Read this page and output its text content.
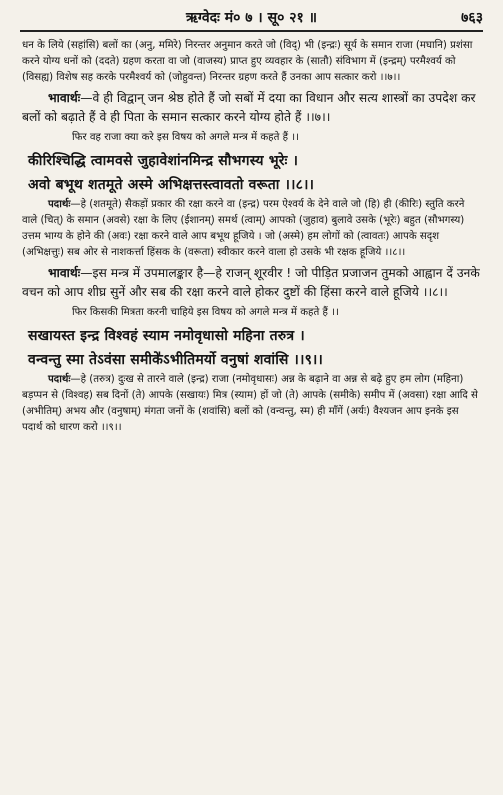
ऋग्वेदः मं० ७ । सू० २१ ॥	७६३

धन के लिये (सहांसि) बलों का (अनु, ममिरे) निरन्तर अनुमान करते जो (विद्) भी (इन्द्रः) सूर्य के समान राजा (मघानि) प्रशंसा करने योग्य धनों को (ददते) ग्रहण करता वा जो (वाजस्य) प्राप्त हुए व्यवहार के (सातौ) संविभाग में (इन्द्रम्) परमैश्वर्य को (विसह्य) विशेष सह करके परमैश्वर्य को (जोहुवन्त) निरन्तर ग्रहण करते हैं उनका आप सत्कार करो ।।७।।

भावार्थः—वे ही विद्वान् जन श्रेष्ठ होते हैं जो सबों में दया का विधान और सत्य शास्त्रों का उपदेश कर बलों को बढ़ाते हैं वे ही पिता के समान सत्कार करने योग्य होते हैं ।।७।।

फिर वह राजा क्या करे इस विषय को अगले मन्त्र में कहते हैं ।।

कीरिश्चिद्धि त्वामवसे जुहावेशांनमिन्द्र सौभगस्य भूरेः ।

अवो बभूथ शतमूते अस्मे अभिक्षत्तस्त्वावतो वरूता ।।८।।

पदार्थः—हे (शतमूते) सैकड़ों प्रकार की रक्षा करने वा (इन्द्र) परम ऐश्वर्य के देने वाले जो (हि) ही (कीरिः) स्तुति करने वाले (चित्) के समान (अवसे) रक्षा के लिए (ईशानम्) समर्थ (त्वाम्) आपको (जुहाव) बुलावे उसके (भूरेः) बहुत (सौभगस्य) उत्तम भाग्य के होने की (अवः) रक्षा करने वाले आप बभूथ हूजिये । जो (अस्मे) हम लोगों को (त्वावतः) आपके सदृश (अभिक्षत्तुः) सब ओर से नाशकर्त्ता हिंसक के (वरूता) स्वीकार करने वाला हो उसके भी रक्षक हूजिये ।।८।।

भावार्थः—इस मन्त्र में उपमालङ्कार है—हे राजन् शूरवीर ! जो पीड़ित प्रजाजन तुमको आह्वान दें उनके वचन को आप शीघ्र सुनें और सब की रक्षा करने वाले होकर दुष्टों की हिंसा करने वाले हूजिये ।।८।।

फिर किसकी मित्रता करनी चाहिये इस विषय को अगले मन्त्र में कहते हैं ।।

सखायस्त इन्द्र विश्वहं स्याम नमोवृधासो महिना तरुत्र ।

वन्वन्तु स्मा तेऽवंसा समीके॑ऽभीतिमर्यो वनुषां शवांसि ।।९।।

पदार्थः—हे (तरुत्र) दुःख से तारने वाले (इन्द्र) राजा (नमोवृधासः) अन्न के बढ़ाने वा अन्न से बढ़े हुए हम लोग (महिना) बड़प्पन से (विश्वह) सब दिनों (ते) आपके (सखायः) मित्र (स्याम) हों जो (ते) आपके (समीके) समीप में (अवसा) रक्षा आदि से (अभीतिम्) अभय और (वनुषाम्) मंगता जनों के (शवांसि) बलों को (वन्वन्तु, स्म) ही माँगें (अर्यः) वैश्यजन आप इनके इस पदार्थ को धारण करो ।।९।।
